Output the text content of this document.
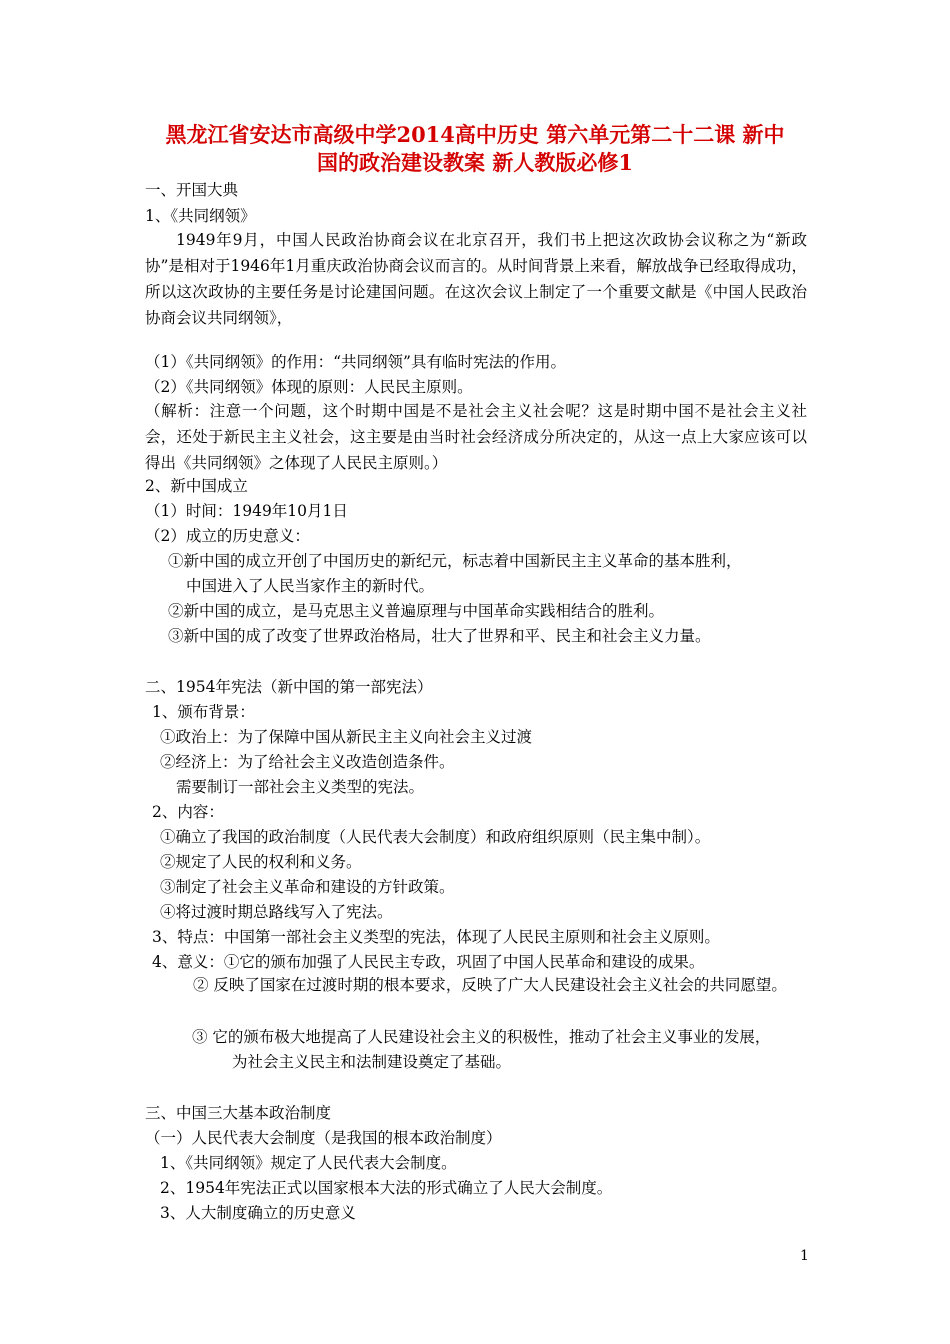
黑龙江省安达市高级中学2014高中历史 第六单元第二十二课 新中
国的政治建设教案 新人教版必修1
一、开国大典
1、《共同纲领》
1949年9月，中国人民政治协商会议在北京召开，我们书上把这次政协会议称之为“新政协”是相对于1946年1月重庆政治协商会议而言的。从时间背景上来看，解放战争已经取得成功，所以这次政协的主要任务是讨论建国问题。在这次会议上制定了一个重要文献是《中国人民政治协商会议共同纲领》，
（1）《共同纲领》的作用：“共同纲领”具有临时宪法的作用。
（2）《共同纲领》体现的原则：人民民主原则。
（解析：注意一个问题，这个时期中国是不是社会主义社会呢？这是时期中国不是社会主义社会，还处于新民主主义社会，这主要是由当时社会经济成分所决定的，从这一点上大家应该可以得出《共同纲领》之体现了人民民主原则。）
2、新中国成立
（1）时间：1949年10月1日
（2）成立的历史意义：
①新中国的成立开创了中国历史的新纪元，标志着中国新民主主义革命的基本胜利，
中国进入了人民当家作主的新时代。
②新中国的成立，是马克思主义普遍原理与中国革命实践相结合的胜利。
③新中国的成了改变了世界政治格局，壮大了世界和平、民主和社会主义力量。
二、1954年宪法（新中国的第一部宪法）
1、颁布背景：
①政治上：为了保障中国从新民主主义向社会主义过渡
②经济上：为了给社会主义改造创造条件。
需要制订一部社会主义类型的宪法。
2、内容：
①确立了我国的政治制度（人民代表大会制度）和政府组织原则（民主集中制）。
②规定了人民的权利和义务。
③制定了社会主义革命和建设的方针政策。
④将过渡时期总路线写入了宪法。
3、特点：中国第一部社会主义类型的宪法，体现了人民民主原则和社会主义原则。
4、意义：①它的颁布加强了人民民主专政，巩固了中国人民革命和建设的成果。
② 反映了国家在过渡时期的根本要求，反映了广大人民建设社会主义社会的共同愿望。
③ 它的颁布极大地提高了人民建设社会主义的积极性，推动了社会主义事业的发展，
为社会主义民主和法制建设奠定了基础。
三、中国三大基本政治制度
（一）人民代表大会制度（是我国的根本政治制度）
1、《共同纲领》规定了人民代表大会制度。
2、1954年宪法正式以国家根本大法的形式确立了人民大会制度。
3、人大制度确立的历史意义
1
